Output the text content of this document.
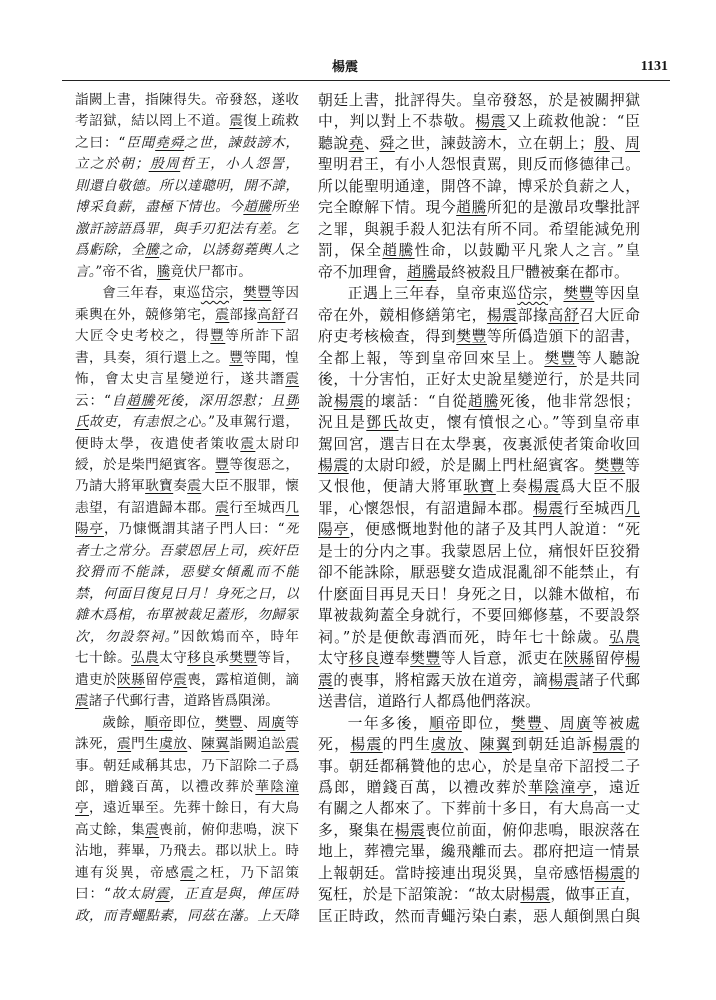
楊震	1131
詣闕上書，指陳得失。帝發怒，遂收
考詔獄，結以罔上不道。震復上疏救
之曰：“臣聞堯舜之世，諫鼓謗木，
立之於朝；殷周哲王，小人怨詈，
則還自敬德。所以達聰明，開不諱，
博采負薪，盡極下情也。今趙騰所坐
激訐謗語爲罪，與手刃犯法有差。乞
爲虧除，全騰之命，以誘芻蕘輿人之
言。”帝不省，騰竟伏尸都市。
會三年春，東巡岱宗，樊豐等因
乘輿在外，競修第宅，震部掾高舒召
大匠令史考校之，得豐等所詐下詔
書，具奏，須行還上之。豐等聞，惶
怖，會太史言星變逆行，遂共譖震
云：“自趙騰死後，深用怨懟；且鄧
氏故吏，有恚恨之心。”及車駕行還，
便時太學，夜遣使者策收震太尉印
綬，於是柴門絕賓客。豐等復惡之，
乃請大將軍耿寶奏震大臣不服罪，懷
恚望，有詔遣歸本郡。震行至城西几
陽亭，乃慷慨謂其諸子門人曰：“死
者士之常分。吾蒙恩居上司，疾奸臣
狡猾而不能誅，惡嬖女傾亂而不能
禁，何面目復見日月！身死之日，以
雜木爲棺，布單被裁足蓋形，勿歸冢
次，勿設祭祠。”因飲鴆而卒，時年
七十餘。弘農太守移良承樊豐等旨，
遣吏於陝縣留停震喪，露棺道側，謫
震諸子代郵行書，道路皆爲隕涕。
歲餘，順帝即位，樊豐、周廣等
誅死，震門生虞放、陳翼詣闕追訟震
事。朝廷咸稱其忠，乃下詔除二子爲
郎，贈錢百萬，以禮改葬於華陰潼
亭，遠近畢至。先葬十餘日，有大鳥
高丈餘，集震喪前，俯仰悲鳴，淚下
沾地，葬畢，乃飛去。郡以狀上。時
連有災異，帝感震之枉，乃下詔策
曰：“故太尉震，正直是與，俾匡時
政，而青蠅點素，同茲在藩。上天降
朝廷上書，批評得失。皇帝發怒，於是被關押獄
中，判以對上不恭敬。楊震又上疏救他說：“臣
聽說堯、舜之世，諫鼓謗木，立在朝上；殷、周
聖明君王，有小人怨恨責駡，則反而修德律己。
所以能聖明通達，開啓不諱，博采於負薪之人，
完全瞭解下情。現今趙騰所犯的是激昂攻擊批評
之罪，與親手殺人犯法有所不同。希望能減免刑
罰，保全趙騰性命，以鼓勵平凡衆人之言。”皇
帝不加理會，趙騰最終被殺且尸體被棄在都市。
正遇上三年春，皇帝東巡岱宗，樊豐等因皇
帝在外，競相修繕第宅，楊震部掾高舒召大匠命
府吏考核檢查，得到樊豐等所僞造頒下的詔書，
全都上報，等到皇帝回來呈上。樊豐等人聽說
後，十分害怕，正好太史說星變逆行，於是共同
說楊震的壞話：“自從趙騰死後，他非常怨恨；
況且是鄧氏故吏，懷有憤恨之心。”等到皇帝車
駕回宮，選吉日在太學裏，夜裏派使者策命收回
楊震的太尉印綬，於是關上門杜絕賓客。樊豐等
又恨他，便請大將軍耿寶上奏楊震爲大臣不服
罪，心懷怨恨，有詔遣歸本郡。楊震行至城西几
陽亭，便感慨地對他的諸子及其門人說道：“死
是士的分内之事。我蒙恩居上位，痛恨奸臣狡猾
卻不能誅除，厭惡嬖女造成混亂卻不能禁止，有
什麽面目再見天日！身死之日，以雜木做棺，布
單被裁夠蓋全身就行，不要回鄉修墓，不要設祭
祠。”於是便飲毒酒而死，時年七十餘歲。弘農
太守移良遵奉樊豐等人旨意，派吏在陝縣留停楊
震的喪事，將棺露天放在道旁，謫楊震諸子代郵
送書信，道路行人都爲他們落淚。
一年多後，順帝即位，樊豐、周廣等被處
死，楊震的門生虞放、陳翼到朝廷追訴楊震的
事。朝廷都稱贊他的忠心，於是皇帝下詔授二子
爲郎，贈錢百萬，以禮改葬於華陰潼亭，遠近
有關之人都來了。下葬前十多日，有大鳥高一丈
多，聚集在楊震喪位前面，俯仰悲鳴，眼淚落在
地上，葬禮完畢，纔飛離而去。郡府把這一情景
上報朝廷。當時接連出現災異，皇帝感悟楊震的
冤枉，於是下詔策說：“故太尉楊震，做事正直，
匡正時政，然而青蠅污染白素，惡人顛倒黑白與
